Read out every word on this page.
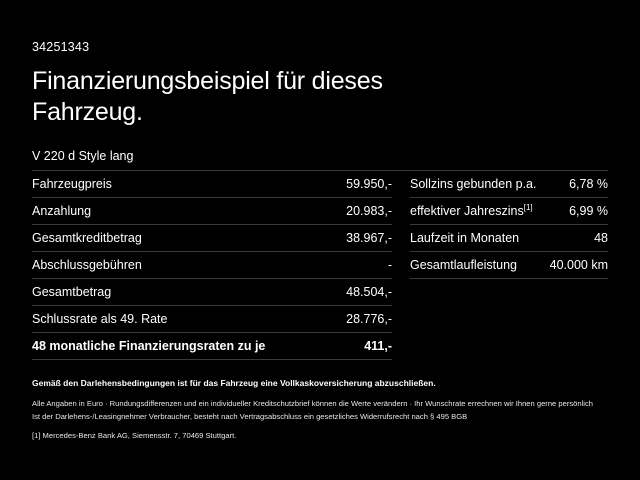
34251343
Finanzierungsbeispiel für dieses Fahrzeug.
V 220 d Style lang
Fahrzeugpreis	59.950,-
Anzahlung	20.983,-
Gesamtkreditbetrag	38.967,-
Abschlussgebühren	-
Gesamtbetrag	48.504,-
Schlussrate als 49. Rate	28.776,-
48 monatliche Finanzierungsraten zu je	411,-
Sollzins gebunden p.a.	6,78 %
effektiver Jahreszins[1]	6,99 %
Laufzeit in Monaten	48
Gesamtlaufleistung	40.000 km
Gemäß den Darlehensbedingungen ist für das Fahrzeug eine Vollkaskoversicherung abzuschließen.
Alle Angaben in Euro · Rundungsdifferenzen und ein individueller Kreditschutzbrief können die Werte verändern · Ihr Wunschrate errechnen wir Ihnen gerne persönlich
Ist der Darlehens-/Leasingnehmer Verbraucher, besteht nach Vertragsabschluss ein gesetzliches Widerrufsrecht nach § 495 BGB
[1] Mercedes-Benz Bank AG, Siemensstr. 7, 70469 Stuttgart.
